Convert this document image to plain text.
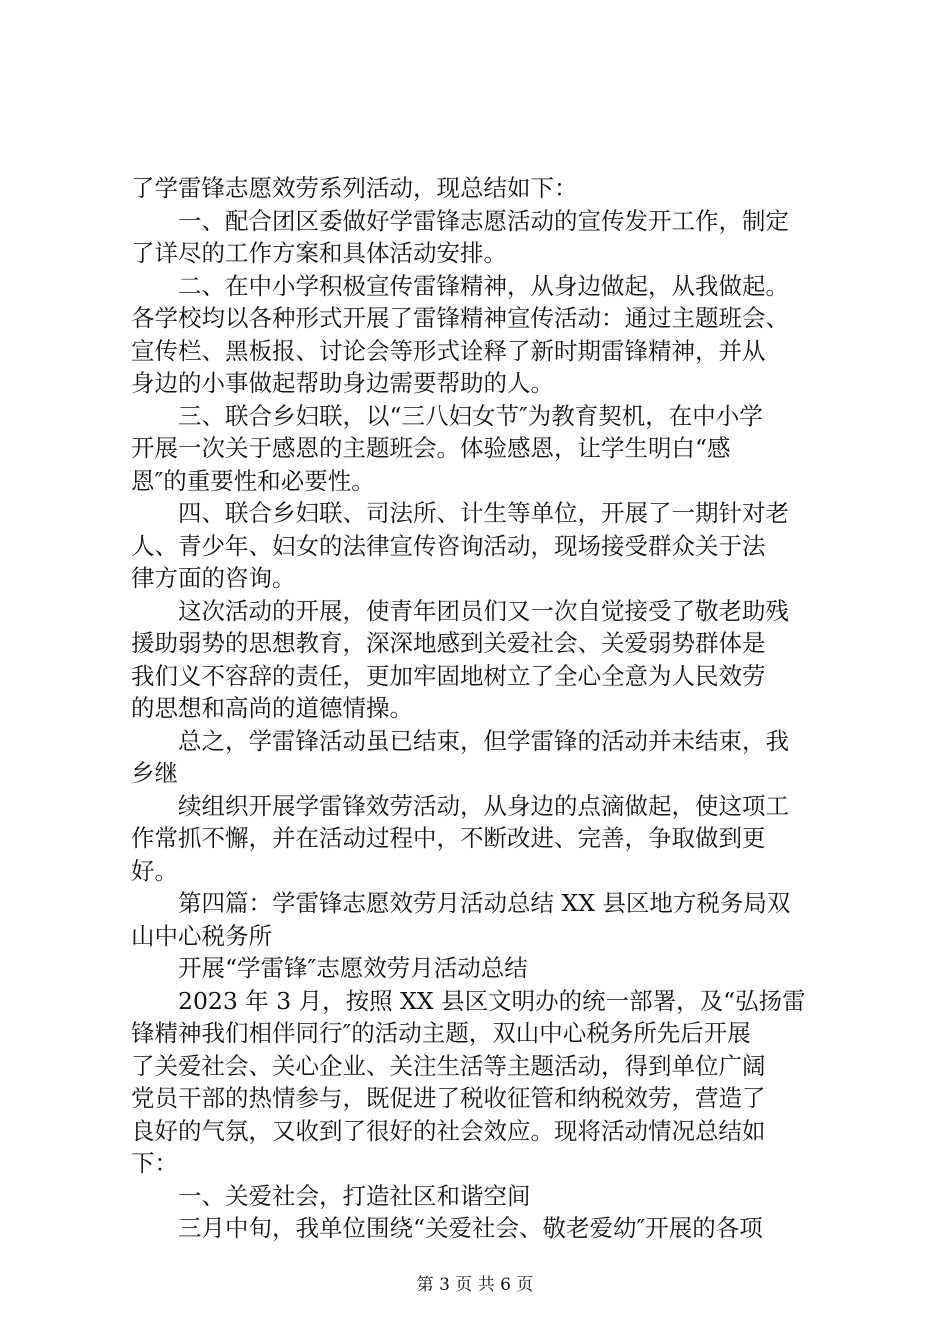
了学雷锋志愿效劳系列活动，现总结如下：
一、配合团区委做好学雷锋志愿活动的宣传发开工作，制定
了详尽的工作方案和具体活动安排。
二、在中小学积极宣传雷锋精神，从身边做起，从我做起。
各学校均以各种形式开展了雷锋精神宣传活动：通过主题班会、
宣传栏、黑板报、讨论会等形式诠释了新时期雷锋精神，并从
身边的小事做起帮助身边需要帮助的人。
三、联合乡妇联，以“三八妇女节″为教育契机，在中小学
开展一次关于感恩的主题班会。体验感恩，让学生明白“感
恩″的重要性和必要性。
四、联合乡妇联、司法所、计生等单位，开展了一期针对老
人、青少年、妇女的法律宣传咨询活动，现场接受群众关于法
律方面的咨询。
这次活动的开展，使青年团员们又一次自觉接受了敬老助残
援助弱势的思想教育，深深地感到关爱社会、关爱弱势群体是
我们义不容辞的责任，更加牢固地树立了全心全意为人民效劳
的思想和高尚的道德情操。
总之，学雷锋活动虽已结束，但学雷锋的活动并未结束，我
乡继
续组织开展学雷锋效劳活动，从身边的点滴做起，使这项工
作常抓不懈，并在活动过程中，不断改进、完善，争取做到更
好。
第四篇：学雷锋志愿效劳月活动总结 XX 县区地方税务局双
山中心税务所
开展“学雷锋″志愿效劳月活动总结
2023 年 3 月，按照 XX 县区文明办的统一部署，及“弘扬雷
锋精神我们相伴同行″的活动主题，双山中心税务所先后开展
了关爱社会、关心企业、关注生活等主题活动，得到单位广阔
党员干部的热情参与，既促进了税收征管和纳税效劳，营造了
良好的气氛，又收到了很好的社会效应。现将活动情况总结如
下：
一、关爱社会，打造社区和谐空间
三月中旬，我单位围绕“关爱社会、敬老爱幼″开展的各项
第 3 页 共 6 页
